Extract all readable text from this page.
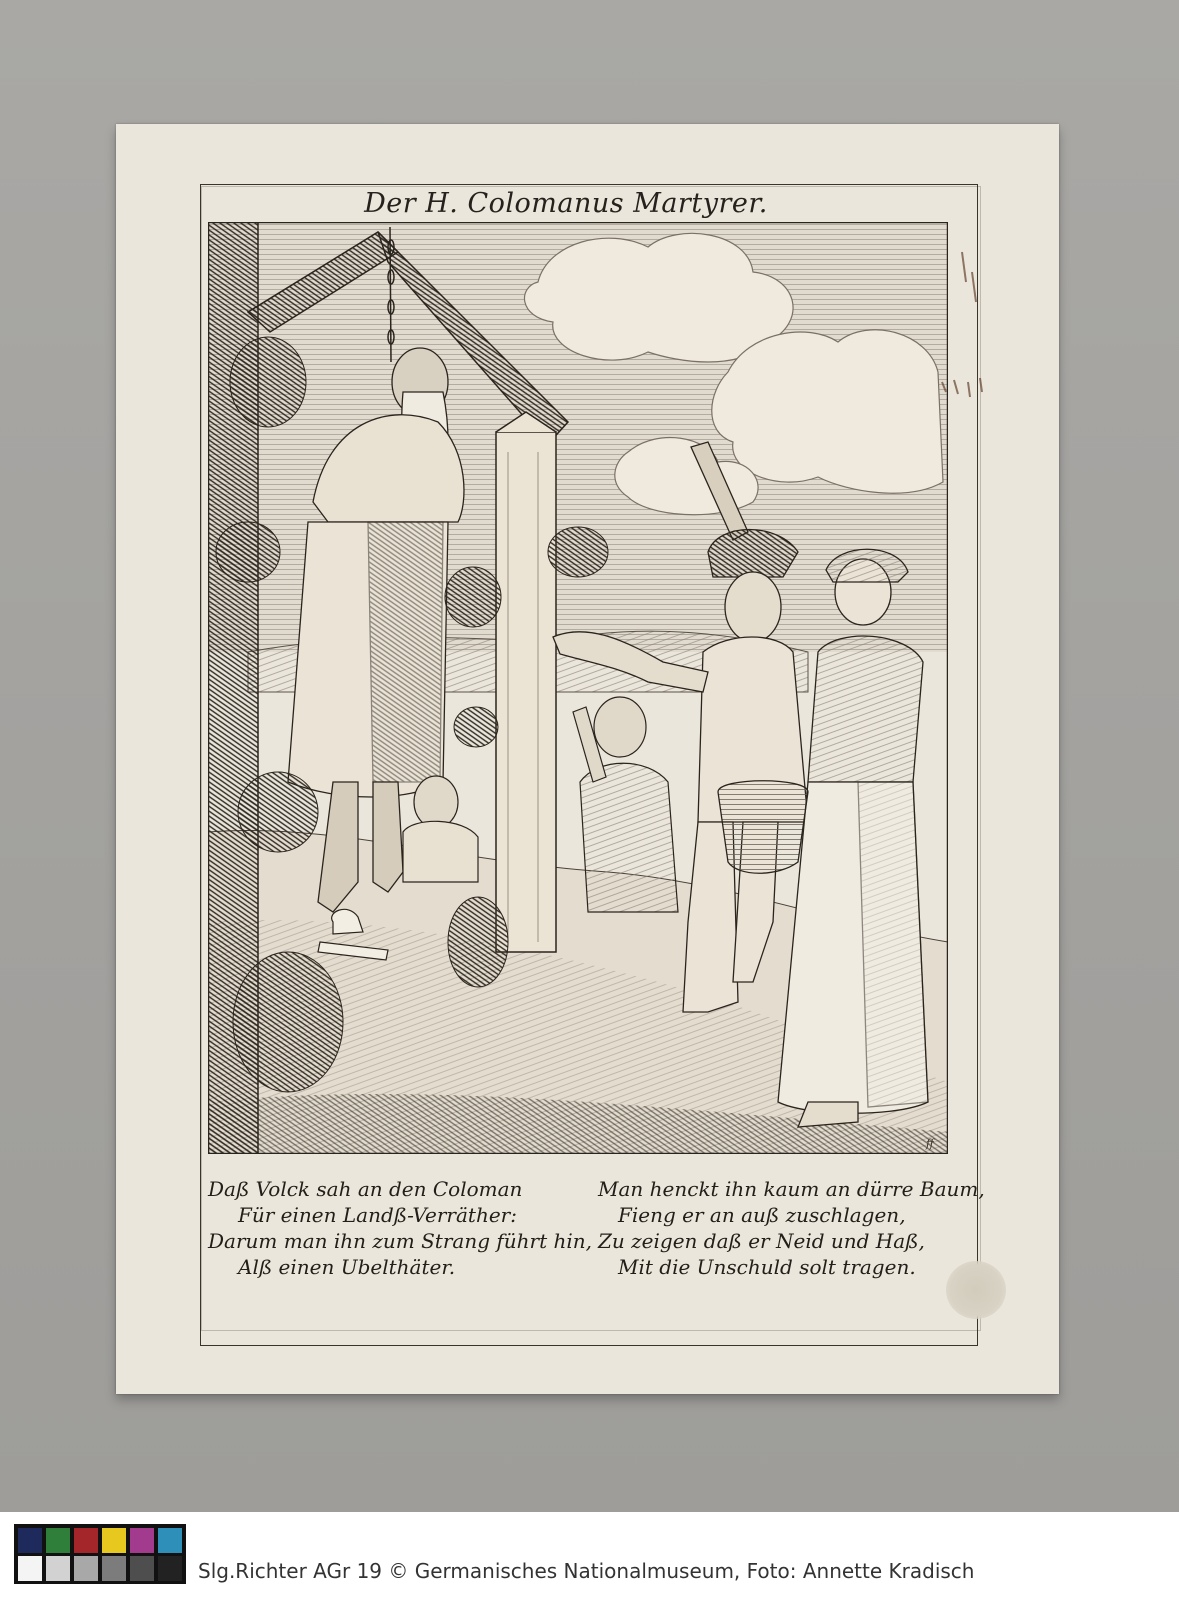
Der H. Colomanus Martyrer.
ff
Daß Volck sah an den Coloman
Für einen Landß-Verräther:
Darum man ihn zum Strang führt hin,
Alß einen Ubelthäter.
Man henckt ihn kaum an dürre Baum,
Fieng er an auß zuschlagen,
Zu zeigen daß er Neid und Haß,
Mit die Unschuld solt tragen.
Slg.Richter AGr 19 © Germanisches Nationalmuseum, Foto: Annette Kradisch
